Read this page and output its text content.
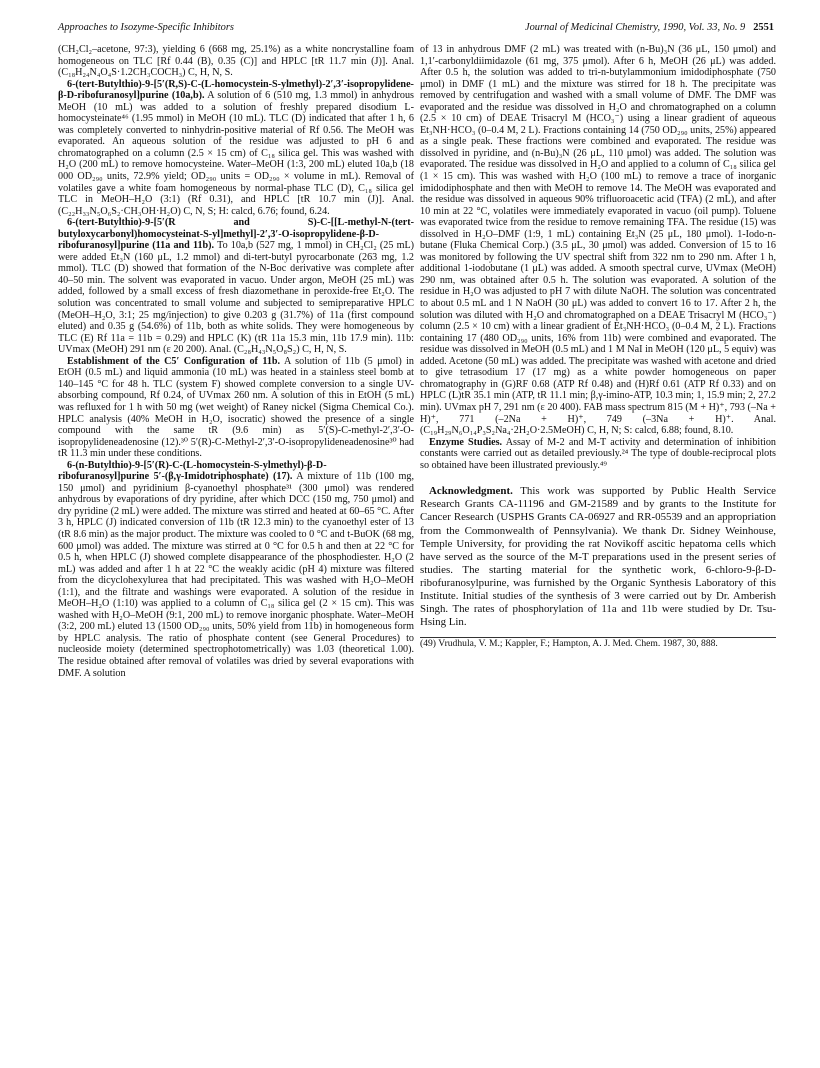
Approaches to Isozyme-Specific Inhibitors	Journal of Medicinal Chemistry, 1990, Vol. 33, No. 9 2551

(CH₂Cl₂–acetone, 97:3), yielding 6 (668 mg, 25.1%) as a white noncrystalline foam homogeneous on TLC [Rf 0.44 (B), 0.35 (C)] and HPLC [tR 11.7 min (J)]. Anal. (C₁₈H₂₄N₄O₄S·1.2CH₃COCH₃) C, H, N, S.

6-(tert-Butylthio)-9-[5′(R,S)-C-(L-homocystein-S-ylmethyl)-2′,3′-isopropylidene-β-D-ribofuranosyl]purine (10a,b). A solution of 6 (510 mg, 1.3 mmol) in anhydrous MeOH (10 mL) was added to a solution of freshly prepared disodium L-homocysteinate⁴⁶ (1.95 mmol) in MeOH (10 mL). TLC (D) indicated that after 1 h, 6 was completely converted to ninhydrin-positive material of Rf 0.56. The MeOH was evaporated. An aqueous solution of the residue was adjusted to pH 6 and chromatographed on a column (2.5 × 15 cm) of C₁₈ silica gel. This was washed with H₂O (200 mL) to remove homocysteine. Water–MeOH (1:3, 200 mL) eluted 10a,b (18 000 OD₂₉₀ units, 72.9% yield; OD₂₉₀ units = OD₂₉₀ × volume in mL). Removal of volatiles gave a white foam homogeneous by normal-phase TLC (D), C₁₈ silica gel TLC in MeOH–H₂O (3:1) (Rf 0.31), and HPLC [tR 10.7 min (J)]. Anal. (C₂₂H₃₃N₅O₆S₂·CH₃OH·H₂O) C, N, S; H: calcd, 6.76; found, 6.24.

6-(tert-Butylthio)-9-[5′(R and S)-C-[[L-methyl-N-(tert-butyloxycarbonyl)homocysteinat-S-yl]methyl]-2′,3′-O-isopropylidene-β-D-ribofuranosyl]purine (11a and 11b). To 10a,b (527 mg, 1 mmol) in CH₂Cl₂ (25 mL) were added Et₃N (160 μL, 1.2 mmol) and di-tert-butyl pyrocarbonate (263 mg, 1.2 mmol). TLC (D) showed that formation of the N-Boc derivative was complete after 40–50 min. The solvent was evaporated in vacuo. Under argon, MeOH (25 mL) was added, followed by a small excess of fresh diazomethane in peroxide-free Et₂O. The solution was concentrated to small volume and subjected to semipreparative HPLC (MeOH–H₂O, 3:1; 25 mg/injection) to give 0.203 g (31.7%) of 11a (first compound eluted) and 0.35 g (54.6%) of 11b, both as white solids. They were homogeneous by TLC (E) Rf 11a = 11b = 0.29) and HPLC (K) (tR 11a 15.3 min, 11b 17.9 min). 11b: UVmax (MeOH) 291 nm (ε 20 200). Anal. (C₂₈H₄₃N₅O₈S₂) C, H, N, S.

Establishment of the C5′ Configuration of 11b. A solution of 11b (5 μmol) in EtOH (0.5 mL) and liquid ammonia (10 mL) was heated in a stainless steel bomb at 140–145 °C for 48 h. TLC (system F) showed complete conversion to a single UV-absorbing compound, Rf 0.24, of UVmax 260 nm. A solution of this in EtOH (5 mL) was refluxed for 1 h with 50 mg (wet weight) of Raney nickel (Sigma Chemical Co.). HPLC analysis (40% MeOH in H₂O, isocratic) showed the presence of a single compound with the same tR (9.6 min) as 5′(S)-C-methyl-2′,3′-O-isopropylideneadenosine (12).³⁰ 5′(R)-C-Methyl-2′,3′-O-isopropylideneadenosine³⁰ had tR 11.3 min under these conditions.

6-(n-Butylthio)-9-[5′(R)-C-(L-homocystein-S-ylmethyl)-β-D-ribofuranosyl]purine 5′-(β,γ-Imidotriphosphate) (17). A mixture of 11b (100 mg, 150 μmol) and pyridinium β-cyanoethyl phosphate³¹ (300 μmol) was rendered anhydrous by evaporations of dry pyridine, after which DCC (150 mg, 750 μmol) and dry pyridine (2 mL) were added. The mixture was stirred and heated at 60–65 °C. After 3 h, HPLC (J) indicated conversion of 11b (tR 12.3 min) to the cyanoethyl ester of 13 (tR 8.6 min) as the major product. The mixture was cooled to 0 °C and t-BuOK (68 mg, 600 μmol) was added. The mixture was stirred at 0 °C for 0.5 h and then at 22 °C for 0.5 h, when HPLC (J) showed complete disappearance of the phosphodiester. H₂O (2 mL) was added and after 1 h at 22 °C the weakly acidic (pH 4) mixture was filtered from the dicyclohexylurea that had precipitated. This was washed with H₂O–MeOH (1:1), and the filtrate and washings were evaporated. A solution of the residue in MeOH–H₂O (1:10) was applied to a column of C₁₈ silica gel (2 × 15 cm). This was washed with H₂O–MeOH (9:1, 200 mL) to remove inorganic phosphate. Water–MeOH (3:2, 200 mL) eluted 13 (1500 OD₂₉₀ units, 50% yield from 11b) in homogeneous form by HPLC analysis. The ratio of phosphate content (see General Procedures) to nucleoside moiety (determined spectrophotometrically) was 1.03 (theoretical 1.00). The residue obtained after removal of volatiles was dried by several evaporations with DMF. A solution

of 13 in anhydrous DMF (2 mL) was treated with (n-Bu)₃N (36 μL, 150 μmol) and 1,1′-carbonyldiimidazole (61 mg, 375 μmol). After 6 h, MeOH (26 μL) was added. After 0.5 h, the solution was added to tri-n-butylammonium imidodiphosphate (750 μmol) in DMF (1 mL) and the mixture was stirred for 18 h. The precipitate was removed by centrifugation and washed with a small volume of DMF. The DMF was evaporated and the residue was dissolved in H₂O and chromatographed on a column (2.5 × 10 cm) of DEAE Trisacryl M (HCO₃⁻) using a linear gradient of aqueous Et₃NH·HCO₃ (0–0.4 M, 2 L). Fractions containing 14 (750 OD₂₉₀ units, 25%) appeared as a single peak. These fractions were combined and evaporated. The residue was dissolved in pyridine, and (n-Bu)₃N (26 μL, 110 μmol) was added. The solution was evaporated. The residue was dissolved in H₂O and applied to a column of C₁₈ silica gel (1 × 15 cm). This was washed with H₂O (100 mL) to remove a trace of inorganic imidodiphosphate and then with MeOH to remove 14. The MeOH was evaporated and the residue was dissolved in aqueous 90% trifluoroacetic acid (TFA) (2 mL), and after 10 min at 22 °C, volatiles were immediately evaporated in vacuo (oil pump). Toluene was evaporated twice from the residue to remove remaining TFA. The residue (15) was dissolved in H₂O–DMF (1:9, 1 mL) containing Et₃N (25 μL, 180 μmol). 1-Iodo-n-butane (Fluka Chemical Corp.) (3.5 μL, 30 μmol) was added. Conversion of 15 to 16 was monitored by following the UV spectral shift from 322 nm to 290 nm. After 1 h, additional 1-iodobutane (1 μL) was added. A smooth spectral curve, UVmax (MeOH) 290 nm, was obtained after 0.5 h. The solution was evaporated. A solution of the residue in H₂O was adjusted to pH 7 with dilute NaOH. The solution was concentrated to about 0.5 mL and 1 N NaOH (30 μL) was added to convert 16 to 17. After 2 h, the solution was diluted with H₂O and chromatographed on a DEAE Trisacryl M (HCO₃⁻) column (2.5 × 10 cm) with a linear gradient of Et₃NH·HCO₃ (0–0.4 M, 2 L). Fractions containing 17 (480 OD₂₉₀ units, 16% from 11b) were combined and evaporated. The residue was dissolved in MeOH (0.5 mL) and 1 M NaI in MeOH (120 μL, 5 equiv) was added. Acetone (50 mL) was added. The precipitate was washed with acetone and dried to give tetrasodium 17 (17 mg) as a white powder homogeneous on paper chromatography in (G)RF 0.68 (ATP Rf 0.48) and (H)Rf 0.61 (ATP Rf 0.33) and on HPLC (L)tR 35.1 min (ATP, tR 11.1 min; β,γ-imino-ATP, 10.3 min; 1, 15.9 min; 2, 27.2 min). UVmax pH 7, 291 nm (ε 20 400). FAB mass spectrum 815 (M + H)⁺, 793 (–Na + H)⁺, 771 (–2Na + H)⁺, 749 (–3Na + H)⁺. Anal. (C₁₉H₂₉N₆O₁₄P₃S₂Na₄·2H₂O·2.5MeOH) C, H, N; S: calcd, 6.88; found, 8.10.

Enzyme Studies. Assay of M-2 and M-T activity and determination of inhibition constants were carried out as detailed previously.²⁴ The type of double-reciprocal plots so obtained have been illustrated previously.⁴⁹

Acknowledgment. This work was supported by Public Health Service Research Grants CA-11196 and GM-21589 and by grants to the Institute for Cancer Research (USPHS Grants CA-06927 and RR-05539 and an appropriation from the Commonwealth of Pennsylvania). We thank Dr. Sidney Weinhouse, Temple University, for providing the rat Novikoff ascitic hepatoma cells which have served as the source of the M-T preparations used in the present series of studies. The starting material for the synthetic work, 6-chloro-9-β-D-ribofuranosylpurine, was furnished by the Organic Synthesis Laboratory of this Institute. Initial studies of the synthesis of 3 were carried out by Dr. Amberish Singh. The rates of phosphorylation of 11a and 11b were studied by Dr. Tsu-Hsing Lin.

(49) Vrudhula, V. M.; Kappler, F.; Hampton, A. J. Med. Chem. 1987, 30, 888.
